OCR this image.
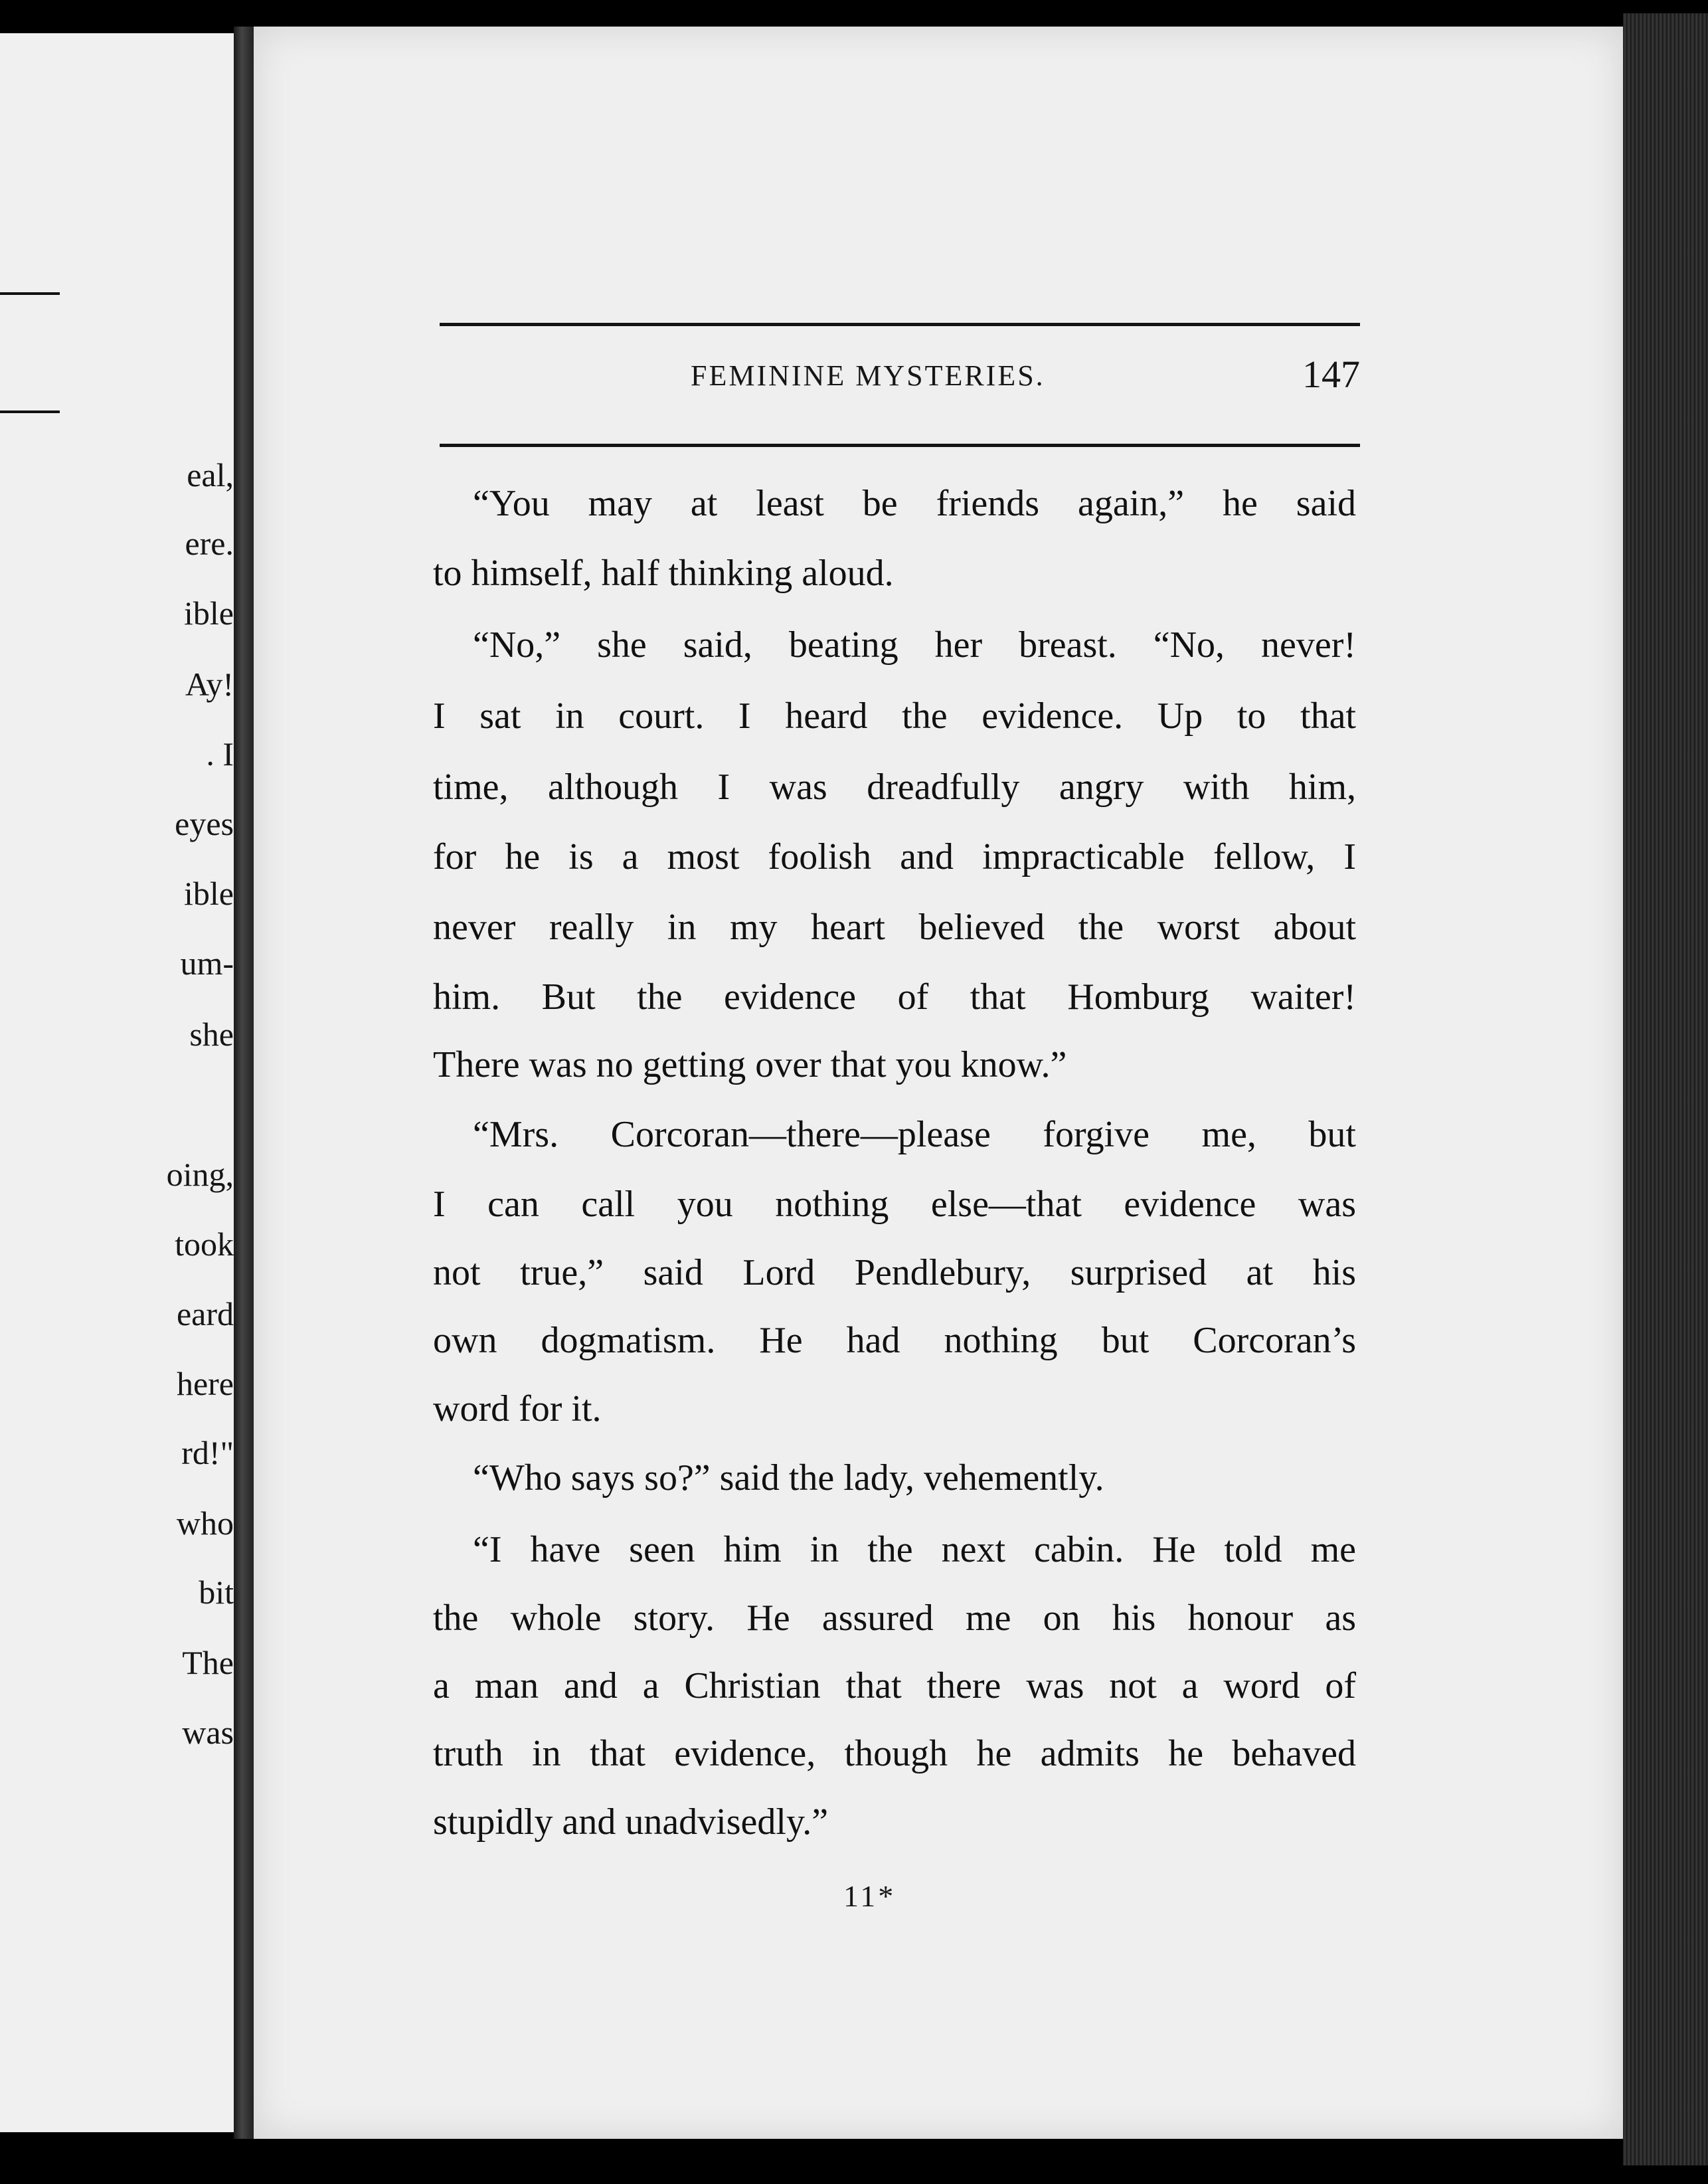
eal,
ere.
ible
Ay!
. I
eyes
ible
um-
she
oing,
took
eard
here
rd!"
who
bit
The
was
FEMININE MYSTERIES.	147
“You may at least be friends again,” he said
to himself, half thinking aloud.
“No,” she said, beating her breast. “No, never!
I sat in court. I heard the evidence. Up to that
time, although I was dreadfully angry with him,
for he is a most foolish and impracticable fellow, I
never really in my heart believed the worst about
him. But the evidence of that Homburg waiter!
There was no getting over that you know.”
“Mrs. Corcoran—there—please forgive me, but
I can call you nothing else—that evidence was
not true,” said Lord Pendlebury, surprised at his
own dogmatism. He had nothing but Corcoran’s
word for it.
“Who says so?” said the lady, vehemently.
“I have seen him in the next cabin. He told me
the whole story. He assured me on his honour as
a man and a Christian that there was not a word of
truth in that evidence, though he admits he behaved
stupidly and unadvisedly.”
11*
